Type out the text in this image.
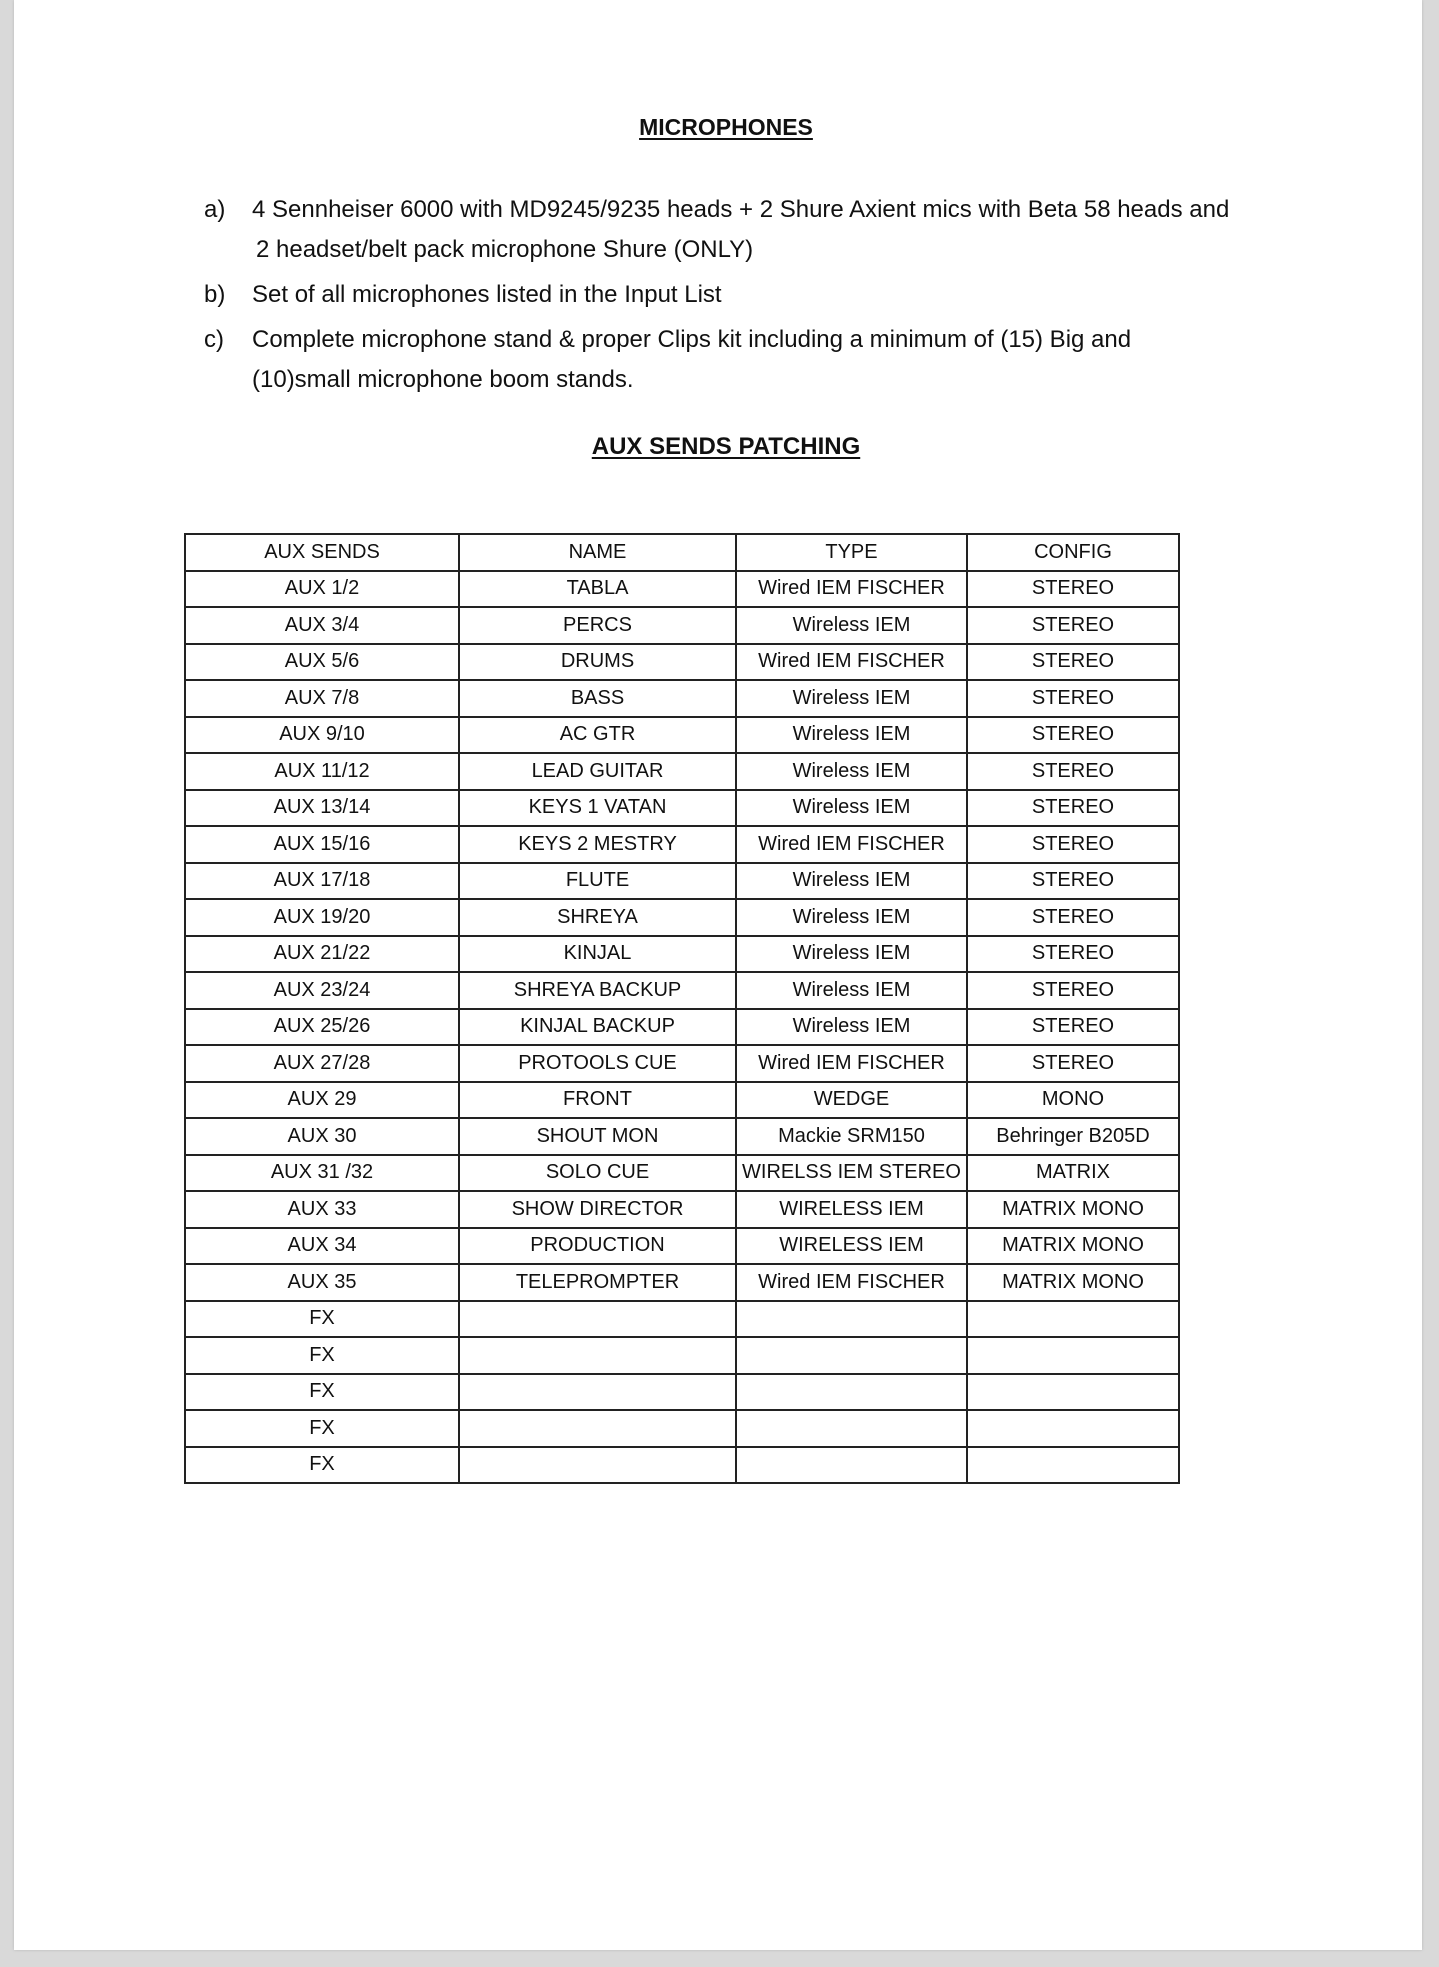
MICROPHONES
a) 4 Sennheiser 6000 with MD9245/9235 heads + 2 Shure Axient mics with Beta 58 heads and
2 headset/belt pack microphone Shure (ONLY)
b) Set of all microphones listed in the Input List
c) Complete microphone stand & proper Clips kit including a minimum of (15) Big and
(10)small microphone boom stands.
AUX SENDS PATCHING
AUX SENDS	NAME	TYPE	CONFIG
AUX 1/2	TABLA	Wired IEM FISCHER	STEREO
AUX 3/4	PERCS	Wireless IEM	STEREO
AUX 5/6	DRUMS	Wired IEM FISCHER	STEREO
AUX 7/8	BASS	Wireless IEM	STEREO
AUX 9/10	AC GTR	Wireless IEM	STEREO
AUX 11/12	LEAD GUITAR	Wireless IEM	STEREO
AUX 13/14	KEYS 1 VATAN	Wireless IEM	STEREO
AUX 15/16	KEYS 2 MESTRY	Wired IEM FISCHER	STEREO
AUX 17/18	FLUTE	Wireless IEM	STEREO
AUX 19/20	SHREYA	Wireless IEM	STEREO
AUX 21/22	KINJAL	Wireless IEM	STEREO
AUX 23/24	SHREYA BACKUP	Wireless IEM	STEREO
AUX 25/26	KINJAL BACKUP	Wireless IEM	STEREO
AUX 27/28	PROTOOLS CUE	Wired IEM FISCHER	STEREO
AUX 29	FRONT	WEDGE	MONO
AUX 30	SHOUT MON	Mackie SRM150	Behringer B205D
AUX 31 /32	SOLO CUE	WIRELSS IEM STEREO	MATRIX
AUX 33	SHOW DIRECTOR	WIRELESS IEM	MATRIX MONO
AUX 34	PRODUCTION	WIRELESS IEM	MATRIX MONO
AUX 35	TELEPROMPTER	Wired IEM FISCHER	MATRIX MONO
FX			
FX			
FX			
FX			
FX			
